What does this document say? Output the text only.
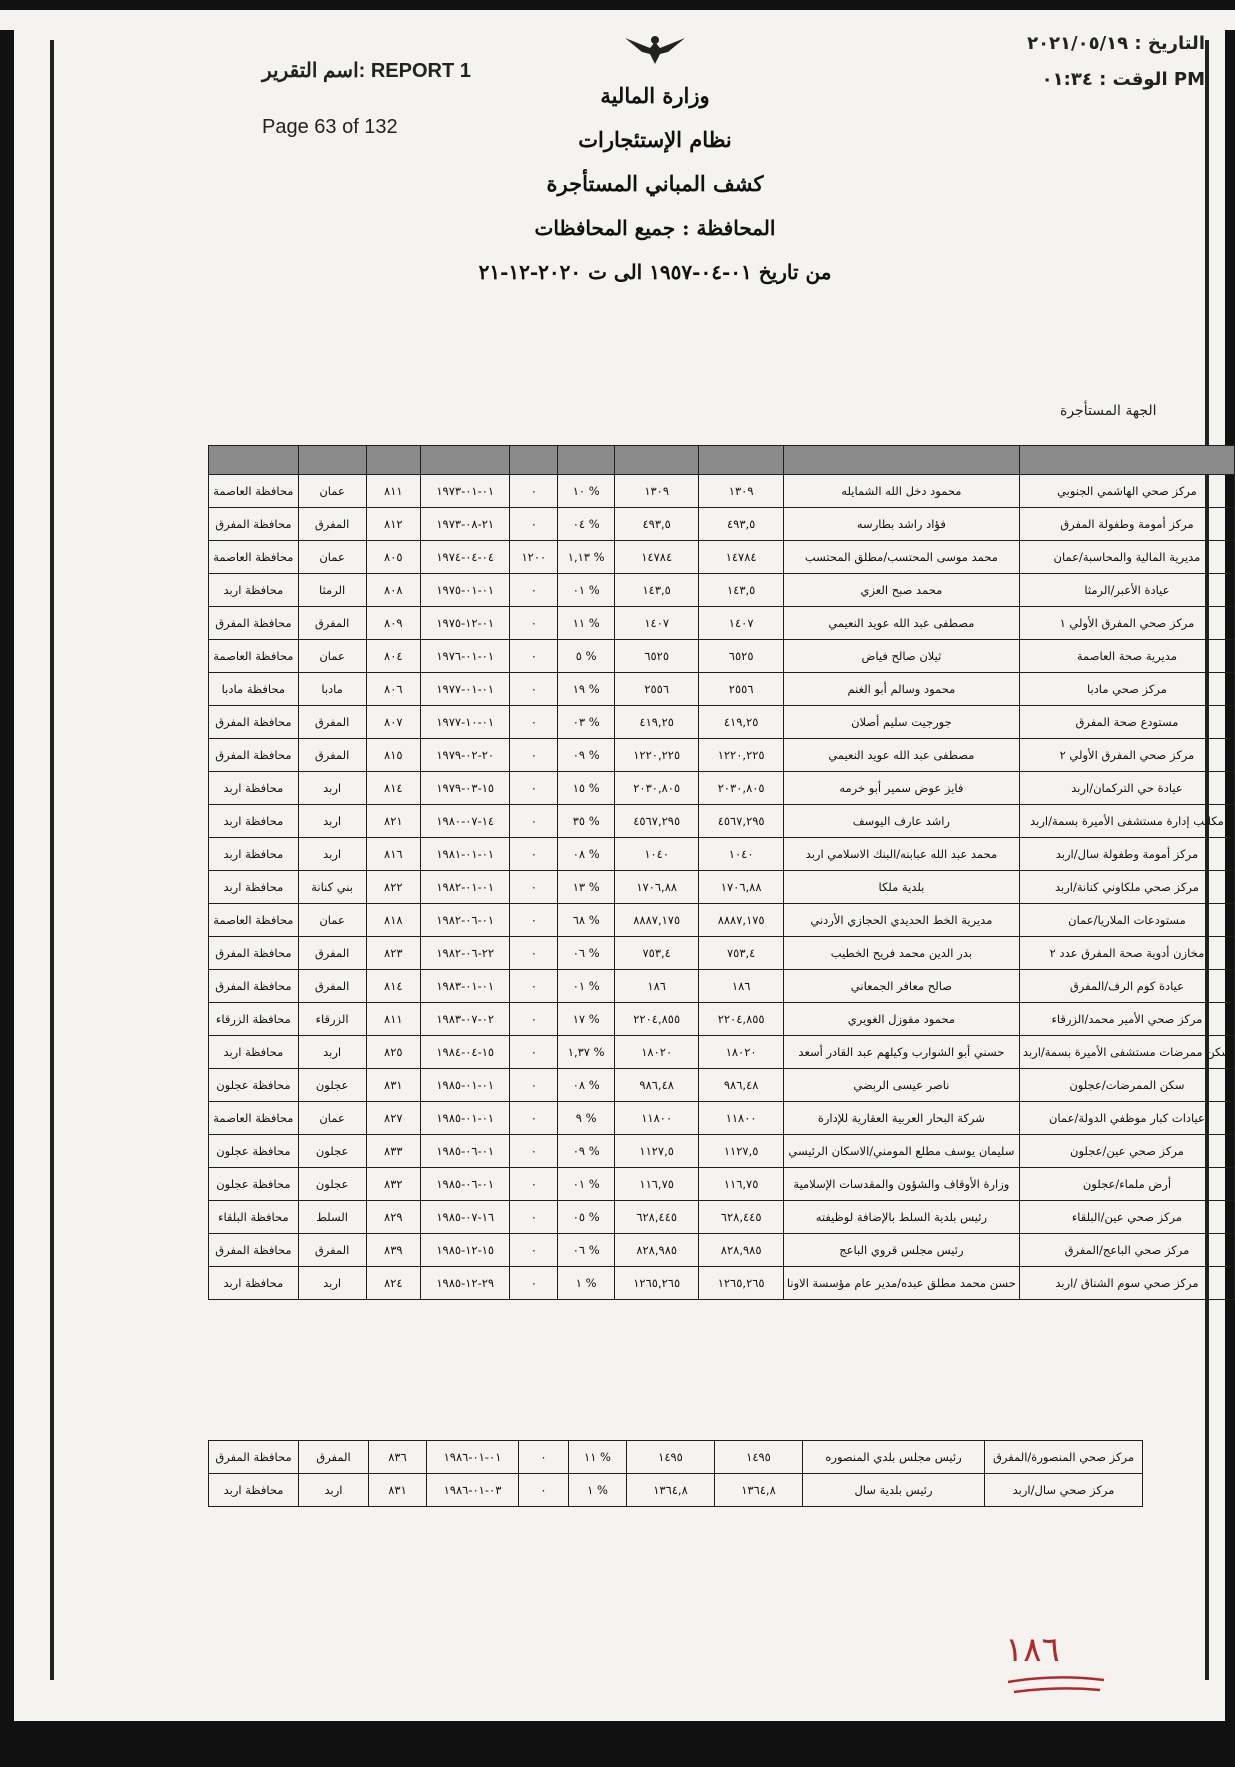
اسم التقرير: REPORT 1
Page 63 of 132
التاريخ : ٢٠٢١/٠٥/١٩
الوقت : ٠١:٣٤ PM
وزارة المالية
نظام الإستئجارات
كشف المباني المستأجرة
المحافظة : جميع المحافظات
من تاريخ ٠١-٠٤-١٩٥٧ الى ت ٢٠٢٠-١٢-٢١
الجهة المستأجرة

محافظة العاصمة	عمان	٨١١	٠١-٠١-١٩٧٣	٠	١٠ %	١٣٠٩	١٣٠٩	محمود دخل الله الشمايله	مركز صحي الهاشمي الجنوبي
محافظة المفرق	المفرق	٨١٢	٢١-٠٨-١٩٧٣	٠	٠٤ %	٤٩٣,٥	٤٩٣,٥	فؤاد راشد بطارسه	مركز أمومة وطفولة المفرق
محافظة العاصمة	عمان	٨٠٥	٠٤-٠٤-١٩٧٤	١٢٠٠	١,١٣ %	١٤٧٨٤	١٤٧٨٤	محمد موسى المحتسب/مطلق المحتسب	مديرية المالية والمحاسبة/عمان
محافظة اربد	الرمثا	٨٠٨	٠١-٠١-١٩٧٥	٠	٠١ %	١٤٣,٥	١٤٣,٥	محمد صبح العزي	عيادة الأعبر/الرمثا
محافظة المفرق	المفرق	٨٠٩	٠١-١٢-١٩٧٥	٠	١١ %	١٤٠٧	١٤٠٧	مصطفى عبد الله عويد النعيمي	مركز صحي المفرق الأولي ١
محافظة العاصمة	عمان	٨٠٤	٠١-٠١-١٩٧٦	٠	٥ %	٦٥٢٥	٦٥٢٥	ثيلان صالح فياض	مديرية صحة العاصمة
محافظة مادبا	مادبا	٨٠٦	٠١-٠١-١٩٧٧	٠	١٩ %	٢٥٥٦	٢٥٥٦	محمود وسالم أبو الغنم	مركز صحي مادبا
محافظة المفرق	المفرق	٨٠٧	٠١-١٠-١٩٧٧	٠	٠٣ %	٤١٩,٢٥	٤١٩,٢٥	جورجيت سليم أصلان	مستودع صحة المفرق
محافظة المفرق	المفرق	٨١٥	٢٠-٠٢-١٩٧٩	٠	٠٩ %	١٢٢٠,٢٢٥	١٢٢٠,٢٢٥	مصطفى عبد الله عويد النعيمي	مركز صحي المفرق الأولي ٢
محافظة اربد	اربد	٨١٤	١٥-٠٣-١٩٧٩	٠	١٥ %	٢٠٣٠,٨٠٥	٢٠٣٠,٨٠٥	فايز عوض سمير أبو خرمه	عيادة حي التركمان/اربد
محافظة اربد	اربد	٨٢١	١٤-٠٧-١٩٨٠	٠	٣٥ %	٤٥٦٧,٢٩٥	٤٥٦٧,٢٩٥	راشد عارف اليوسف	مكاتب إدارة مستشفى الأميرة بسمة/اربد
محافظة اربد	اربد	٨١٦	٠١-٠١-١٩٨١	٠	٠٨ %	١٠٤٠	١٠٤٠	محمد عبد الله عبابنه/البنك الاسلامي اربد	مركز أمومة وطفولة سال/اربد
محافظة اربد	بني كنانة	٨٢٢	٠١-٠١-١٩٨٢	٠	١٣ %	١٧٠٦,٨٨	١٧٠٦,٨٨	بلدية ملكا	مركز صحي ملكاوني كنانة/اربد
محافظة العاصمة	عمان	٨١٨	٠١-٠٦-١٩٨٢	٠	٦٨ %	٨٨٨٧,١٧٥	٨٨٨٧,١٧٥	مديرية الخط الحديدي الحجازي الأردني	مستودعات الملاريا/عمان
محافظة المفرق	المفرق	٨٢٣	٢٢-٠٦-١٩٨٢	٠	٠٦ %	٧٥٣,٤	٧٥٣,٤	بدر الدين محمد فريح الخطيب	مخازن أدوية صحة المفرق عدد ٢
محافظة المفرق	المفرق	٨١٤	٠١-٠١-١٩٨٣	٠	٠١ %	١٨٦	١٨٦	صالح معافر الجمعاني	عيادة كوم الرف/المفرق
محافظة الزرقاء	الزرقاء	٨١١	٠٢-٠٧-١٩٨٣	٠	١٧ %	٢٢٠٤,٨٥٥	٢٢٠٤,٨٥٥	محمود مفوزل الغويري	مركز صحي الأمير محمد/الزرقاء
محافظة اربد	اربد	٨٢٥	١٥-٠٤-١٩٨٤	٠	١,٣٧ %	١٨٠٢٠	١٨٠٢٠	حسني أبو الشوارب وكيلهم عبد القادر أسعد	سكن ممرضات مستشفى الأميرة بسمة/اربد
محافظة عجلون	عجلون	٨٣١	٠١-٠١-١٩٨٥	٠	٠٨ %	٩٨٦,٤٨	٩٨٦,٤٨	ناصر عيسى الربضي	سكن الممرضات/عجلون
محافظة العاصمة	عمان	٨٢٧	٠١-٠١-١٩٨٥	٠	٩ %	١١٨٠٠	١١٨٠٠	شركة البحار العربية العقارية للإدارة	عيادات كبار موظفي الدولة/عمان
محافظة عجلون	عجلون	٨٣٣	٠١-٠٦-١٩٨٥	٠	٠٩ %	١١٢٧,٥	١١٢٧,٥	سليمان يوسف مطلع المومني/الاسكان الرئيسي	مركز صحي عين/عجلون
محافظة عجلون	عجلون	٨٣٢	٠١-٠٦-١٩٨٥	٠	٠١ %	١١٦,٧٥	١١٦,٧٥	وزارة الأوقاف والشؤون والمقدسات الإسلامية	أرض ملماء/عجلون
محافظة البلقاء	السلط	٨٢٩	١٦-٠٧-١٩٨٥	٠	٠٥ %	٦٢٨,٤٤٥	٦٢٨,٤٤٥	رئيس بلدية السلط بالإضافة لوظيفته	مركز صحي عين/البلقاء
محافظة المفرق	المفرق	٨٣٩	١٥-١٢-١٩٨٥	٠	٠٦ %	٨٢٨,٩٨٥	٨٢٨,٩٨٥	رئيس مجلس قروي الباعج	مركز صحي الباعج/المفرق
محافظة اربد	اربد	٨٢٤	٢٩-١٢-١٩٨٥	٠	١ %	١٢٦٥,٢٦٥	١٢٦٥,٢٦٥	حسن محمد مطلق عبده/مدير عام مؤسسة الاونا	مركز صحي سوم الشناق /اربد
محافظة المفرق	المفرق	٨٣٦	٠١-٠١-١٩٨٦	٠	١١ %	١٤٩٥	١٤٩٥	رئيس مجلس بلدي المنصوره	مركز صحي المنصورة/المفرق
محافظة اربد	اربد	٨٣١	٠٣-٠١-١٩٨٦	٠	١ %	١٣٦٤,٨	١٣٦٤,٨	رئيس بلدية سال	مركز صحي سال/اربد
١٨٦
